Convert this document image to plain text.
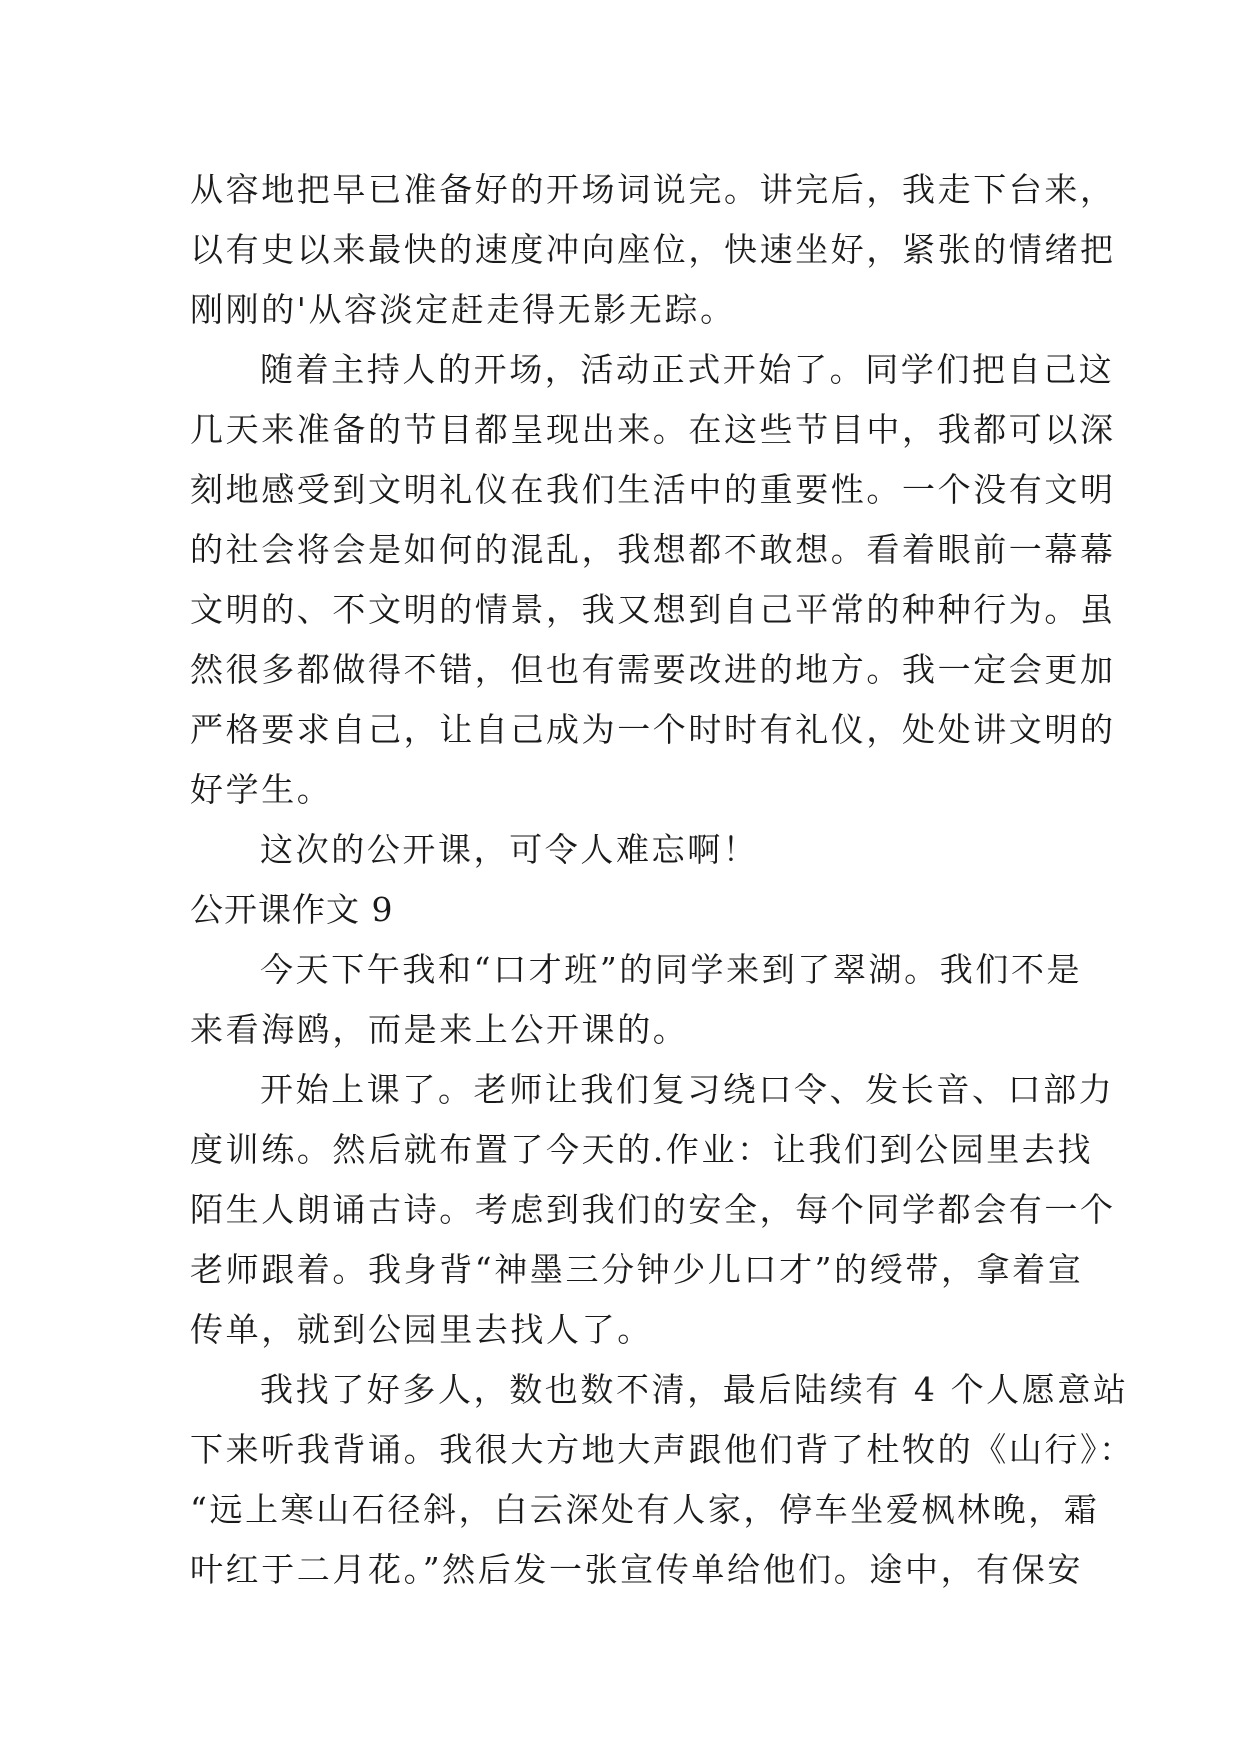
从容地把早已准备好的开场词说完。讲完后，我走下台来，
以有史以来最快的速度冲向座位，快速坐好，紧张的情绪把
刚刚的'从容淡定赶走得无影无踪。
随着主持人的开场，活动正式开始了。同学们把自己这
几天来准备的节目都呈现出来。在这些节目中，我都可以深
刻地感受到文明礼仪在我们生活中的重要性。一个没有文明
的社会将会是如何的混乱，我想都不敢想。看着眼前一幕幕
文明的、不文明的情景，我又想到自己平常的种种行为。虽
然很多都做得不错，但也有需要改进的地方。我一定会更加
严格要求自己，让自己成为一个时时有礼仪，处处讲文明的
好学生。
这次的公开课，可令人难忘啊！
公开课作文 9
今天下午我和“口才班”的同学来到了翠湖。我们不是
来看海鸥，而是来上公开课的。
开始上课了。老师让我们复习绕口令、发长音、口部力
度训练。然后就布置了今天的.作业：让我们到公园里去找
陌生人朗诵古诗。考虑到我们的安全，每个同学都会有一个
老师跟着。我身背“神墨三分钟少儿口才”的绶带，拿着宣
传单，就到公园里去找人了。
我找了好多人，数也数不清，最后陆续有 4 个人愿意站
下来听我背诵。我很大方地大声跟他们背了杜牧的《山行》：
“远上寒山石径斜，白云深处有人家，停车坐爱枫林晚，霜
叶红于二月花。”然后发一张宣传单给他们。途中，有保安
